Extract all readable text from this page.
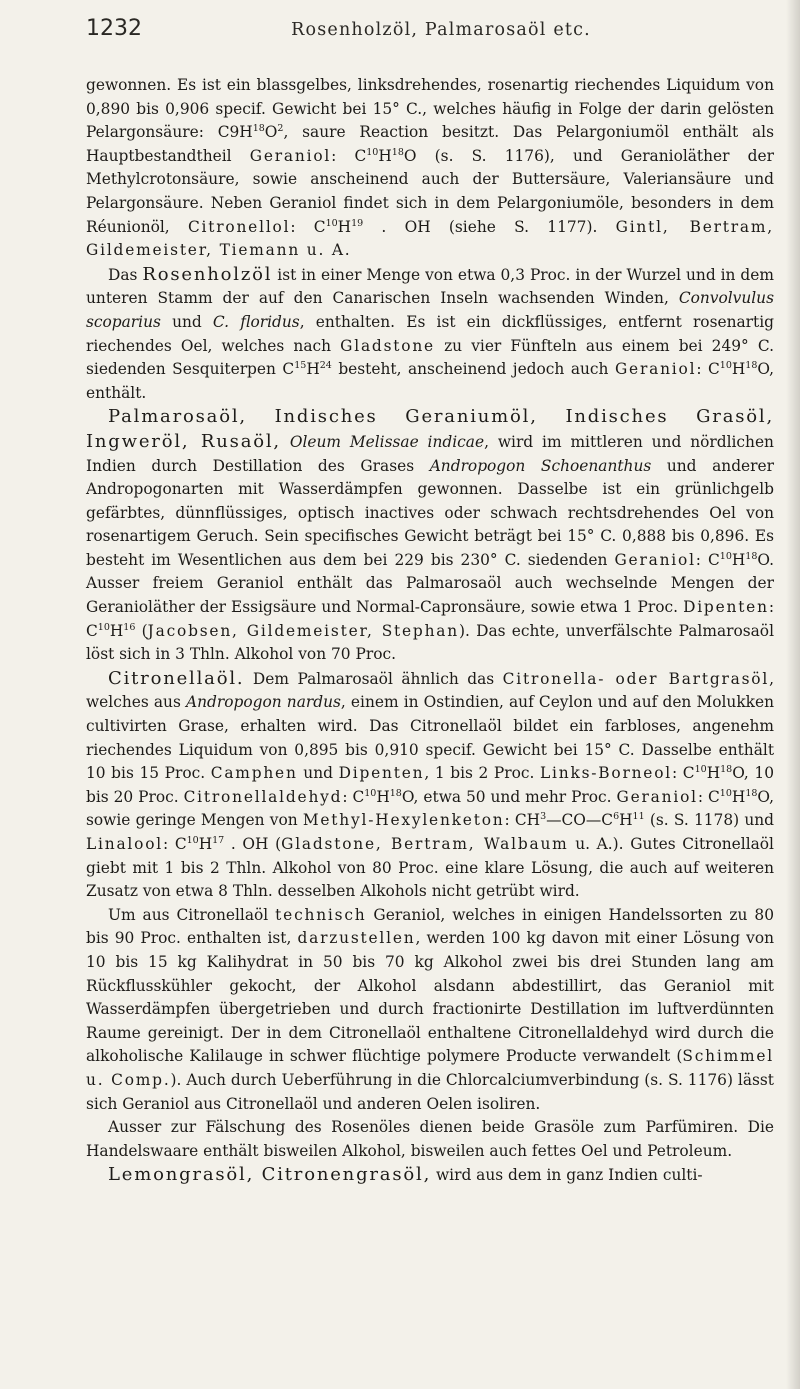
1232	Rosenholzöl, Palmarosaöl etc.

gewonnen. Es ist ein blassgelbes, linksdrehendes, rosenartig riechendes Liquidum von 0,890 bis 0,906 specif. Gewicht bei 15° C., welches häufig in Folge der darin gelösten Pelargonsäure: $C9H^{18}O^2$, saure Reaction besitzt. Das Pelargoniumöl enthält als Hauptbestandtheil Geraniol: $C^{10}H^{18}O$ (s. S. 1176), und Geranioläther der Methylcrotonsäure, sowie anscheinend auch der Buttersäure, Valeriansäure und Pelargonsäure. Neben Geraniol findet sich in dem Pelargoniumöle, besonders in dem Réunionöl, Citronellol: $C^{10}H^{19}$ . OH (siehe S. 1177). Gintl, Bertram, Gildemeister, Tiemann u. A.

Das Rosenholzöl ist in einer Menge von etwa 0,3 Proc. in der Wurzel und in dem unteren Stamm der auf den Canarischen Inseln wachsenden Winden, Convolvulus scoparius und C. floridus, enthalten. Es ist ein dickflüssiges, entfernt rosenartig riechendes Oel, welches nach Gladstone zu vier Fünfteln aus einem bei 249° C. siedenden Sesquiterpen $C^{15}H^{24}$ besteht, anscheinend jedoch auch Geraniol: $C^{10}H^{18}O$, enthält.

Palmarosaöl, Indisches Geraniumöl, Indisches Grasöl, Ingweröl, Rusaöl, Oleum Melissae indicae, wird im mittleren und nördlichen Indien durch Destillation des Grases Andropogon Schoenanthus und anderer Andropogonarten mit Wasserdämpfen gewonnen. Dasselbe ist ein grünlichgelb gefärbtes, dünnflüssiges, optisch inactives oder schwach rechtsdrehendes Oel von rosenartigem Geruch. Sein specifisches Gewicht beträgt bei 15° C. 0,888 bis 0,896. Es besteht im Wesentlichen aus dem bei 229 bis 230° C. siedenden Geraniol: $C^{10}H^{18}O$. Ausser freiem Geraniol enthält das Palmarosaöl auch wechselnde Mengen der Geranioläther der Essigsäure und Normal-Capronsäure, sowie etwa 1 Proc. Dipenten: $C^{10}H^{16}$ (Jacobsen, Gildemeister, Stephan). Das echte, unverfälschte Palmarosaöl löst sich in 3 Thln. Alkohol von 70 Proc.

Citronellaöl. Dem Palmarosaöl ähnlich das Citronella- oder Bartgrasöl, welches aus Andropogon nardus, einem in Ostindien, auf Ceylon und auf den Molukken cultivirten Grase, erhalten wird. Das Citronellaöl bildet ein farbloses, angenehm riechendes Liquidum von 0,895 bis 0,910 specif. Gewicht bei 15° C. Dasselbe enthält 10 bis 15 Proc. Camphen und Dipenten, 1 bis 2 Proc. Links-Borneol: $C^{10}H^{18}O$, 10 bis 20 Proc. Citronellaldehyd: $C^{10}H^{18}O$, etwa 50 und mehr Proc. Geraniol: $C^{10}H^{18}O$, sowie geringe Mengen von Methyl-Hexylenketon: $CH^3—CO—C^6H^{11}$ (s. S. 1178) und Linalool: $C^{10}H^{17}$ . OH (Gladstone, Bertram, Walbaum u. A.). Gutes Citronellaöl giebt mit 1 bis 2 Thln. Alkohol von 80 Proc. eine klare Lösung, die auch auf weiteren Zusatz von etwa 8 Thln. desselben Alkohols nicht getrübt wird.

Um aus Citronellaöl technisch Geraniol, welches in einigen Handelssorten zu 80 bis 90 Proc. enthalten ist, darzustellen, werden 100 kg davon mit einer Lösung von 10 bis 15 kg Kalihydrat in 50 bis 70 kg Alkohol zwei bis drei Stunden lang am Rückflusskühler gekocht, der Alkohol alsdann abdestillirt, das Geraniol mit Wasserdämpfen übergetrieben und durch fractionirte Destillation im luftverdünnten Raume gereinigt. Der in dem Citronellaöl enthaltene Citronellaldehyd wird durch die alkoholische Kalilauge in schwer flüchtige polymere Producte verwandelt (Schimmel u. Comp.). Auch durch Ueberführung in die Chlorcalciumverbindung (s. S. 1176) lässt sich Geraniol aus Citronellaöl und anderen Oelen isoliren.

Ausser zur Fälschung des Rosenöles dienen beide Grasöle zum Parfümiren. Die Handelswaare enthält bisweilen Alkohol, bisweilen auch fettes Oel und Petroleum.

Lemongrasöl, Citronengrasöl, wird aus dem in ganz Indien culti-
